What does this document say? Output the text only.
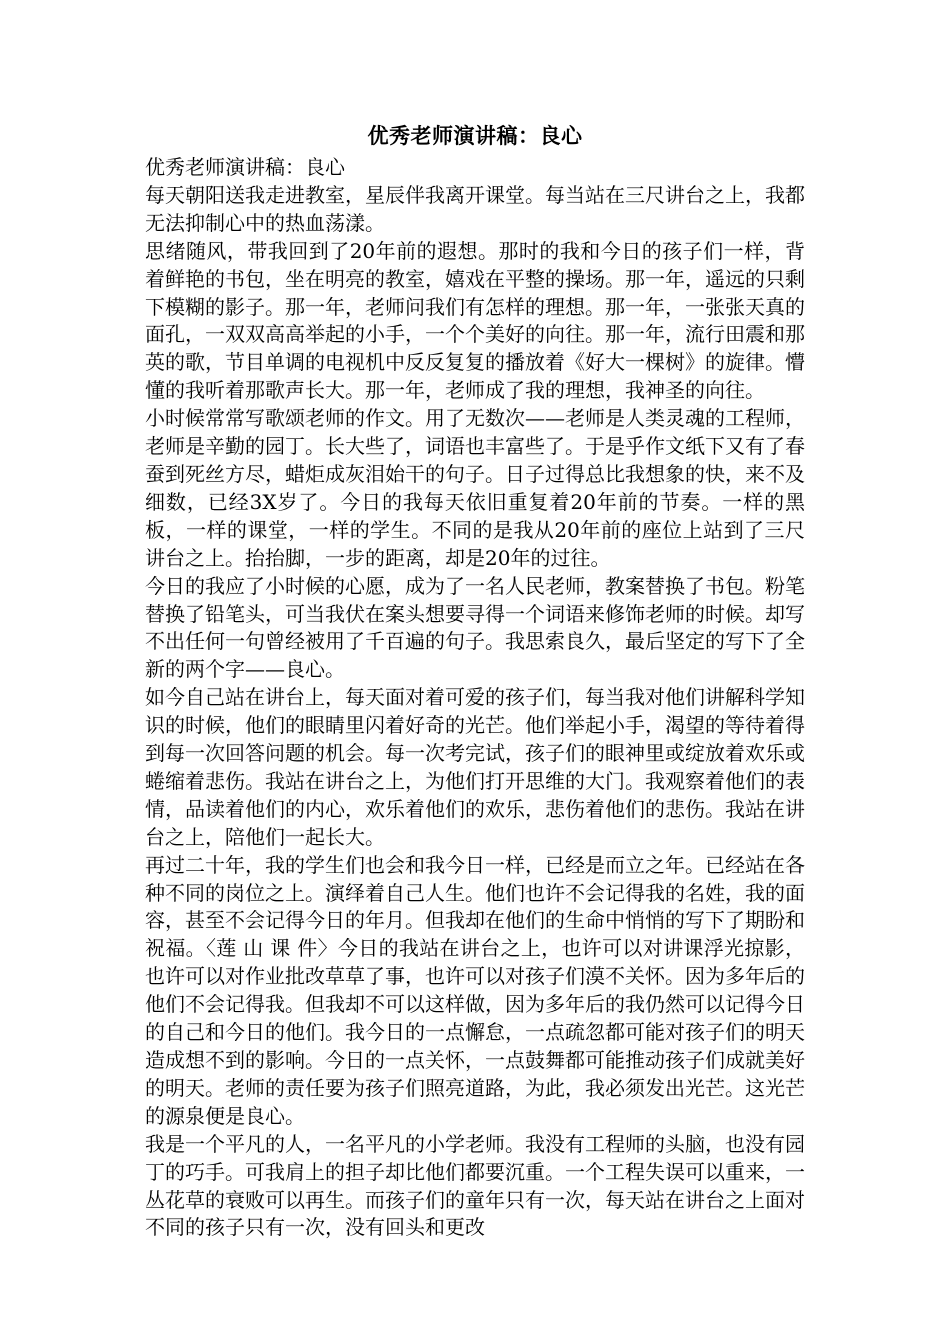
优秀老师演讲稿：良心

优秀老师演讲稿：良心

每天朝阳送我走进教室，星辰伴我离开课堂。每当站在三尺讲台之上，我都无法抑制心中的热血荡漾。

思绪随风，带我回到了20年前的遐想。那时的我和今日的孩子们一样，背着鲜艳的书包，坐在明亮的教室，嬉戏在平整的操场。那一年，遥远的只剩下模糊的影子。那一年，老师问我们有怎样的理想。那一年，一张张天真的面孔，一双双高高举起的小手，一个个美好的向往。那一年，流行田震和那英的歌，节目单调的电视机中反反复复的播放着《好大一棵树》的旋律。懵懂的我听着那歌声长大。那一年，老师成了我的理想，我神圣的向往。

小时候常常写歌颂老师的作文。用了无数次——老师是人类灵魂的工程师，老师是辛勤的园丁。长大些了，词语也丰富些了。于是乎作文纸下又有了春蚕到死丝方尽，蜡炬成灰泪始干的句子。日子过得总比我想象的快，来不及细数，已经3X岁了。今日的我每天依旧重复着20年前的节奏。一样的黑板，一样的课堂，一样的学生。不同的是我从20年前的座位上站到了三尺讲台之上。抬抬脚，一步的距离，却是20年的过往。

今日的我应了小时候的心愿，成为了一名人民老师，教案替换了书包。粉笔替换了铅笔头，可当我伏在案头想要寻得一个词语来修饰老师的时候。却写不出任何一句曾经被用了千百遍的句子。我思索良久，最后坚定的写下了全新的两个字——良心。

如今自己站在讲台上，每天面对着可爱的孩子们，每当我对他们讲解科学知识的时候，他们的眼睛里闪着好奇的光芒。他们举起小手，渴望的等待着得到每一次回答问题的机会。每一次考完试，孩子们的眼神里或绽放着欢乐或蜷缩着悲伤。我站在讲台之上，为他们打开思维的大门。我观察着他们的表情，品读着他们的内心，欢乐着他们的欢乐，悲伤着他们的悲伤。我站在讲台之上，陪他们一起长大。

再过二十年，我的学生们也会和我今日一样，已经是而立之年。已经站在各种不同的岗位之上。演绎着自己人生。他们也许不会记得我的名姓，我的面容，甚至不会记得今日的年月。但我却在他们的生命中悄悄的写下了期盼和祝福。〈莲 山 课 件〉今日的我站在讲台之上，也许可以对讲课浮光掠影，也许可以对作业批改草草了事，也许可以对孩子们漠不关怀。因为多年后的他们不会记得我。但我却不可以这样做，因为多年后的我仍然可以记得今日的自己和今日的他们。我今日的一点懈怠，一点疏忽都可能对孩子们的明天造成想不到的影响。今日的一点关怀，一点鼓舞都可能推动孩子们成就美好的明天。老师的责任要为孩子们照亮道路，为此，我必须发出光芒。这光芒的源泉便是良心。

我是一个平凡的人，一名平凡的小学老师。我没有工程师的头脑，也没有园丁的巧手。可我肩上的担子却比他们都要沉重。一个工程失误可以重来，一丛花草的衰败可以再生。而孩子们的童年只有一次，每天站在讲台之上面对不同的孩子只有一次，没有回头和更改
